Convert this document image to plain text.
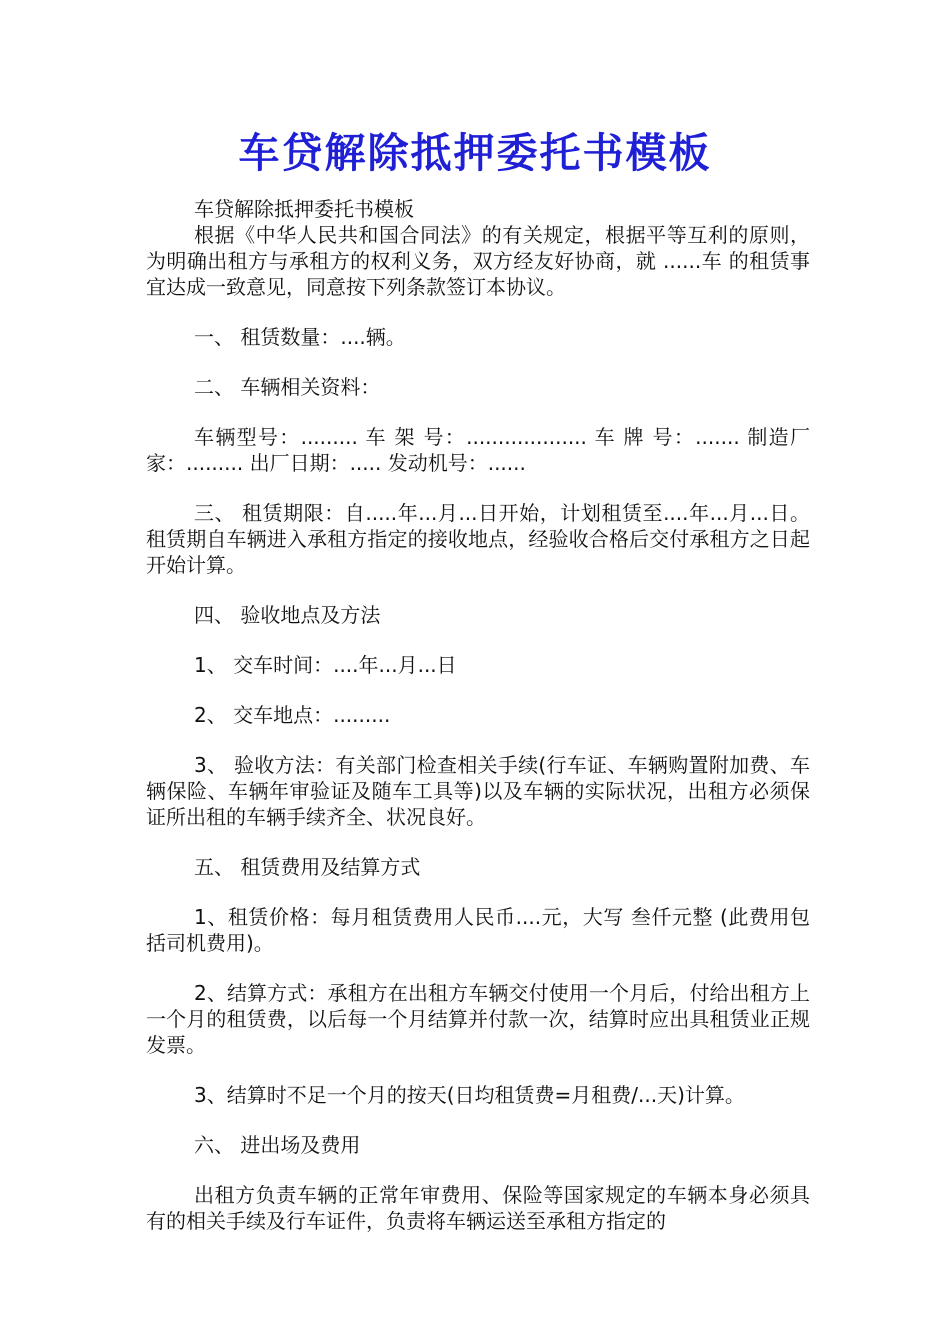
车贷解除抵押委托书模板

车贷解除抵押委托书模板

根据《中华人民共和国合同法》的有关规定，根据平等互利的原则，为明确出租方与承租方的权利义务，双方经友好协商，就 ......车 的租赁事宜达成一致意见，同意按下列条款签订本协议。

一、 租赁数量：....辆。

二、 车辆相关资料：

车辆型号：......... 车 架 号：................... 车 牌 号：....... 制造厂家：......... 出厂日期：..... 发动机号：......

三、 租赁期限：自.....年...月...日开始，计划租赁至....年...月...日。租赁期自车辆进入承租方指定的接收地点，经验收合格后交付承租方之日起开始计算。

四、 验收地点及方法

1、 交车时间：....年...月...日

2、 交车地点：.........

3、 验收方法：有关部门检查相关手续(行车证、车辆购置附加费、车辆保险、车辆年审验证及随车工具等)以及车辆的实际状况，出租方必须保证所出租的车辆手续齐全、状况良好。

五、 租赁费用及结算方式

1、租赁价格：每月租赁费用人民币....元，大写 叁仟元整 (此费用包括司机费用)。

2、结算方式：承租方在出租方车辆交付使用一个月后，付给出租方上一个月的租赁费，以后每一个月结算并付款一次，结算时应出具租赁业正规发票。

3、结算时不足一个月的按天(日均租赁费=月租费/...天)计算。

六、 进出场及费用

出租方负责车辆的正常年审费用、保险等国家规定的车辆本身必须具有的相关手续及行车证件，负责将车辆运送至承租方指定的
